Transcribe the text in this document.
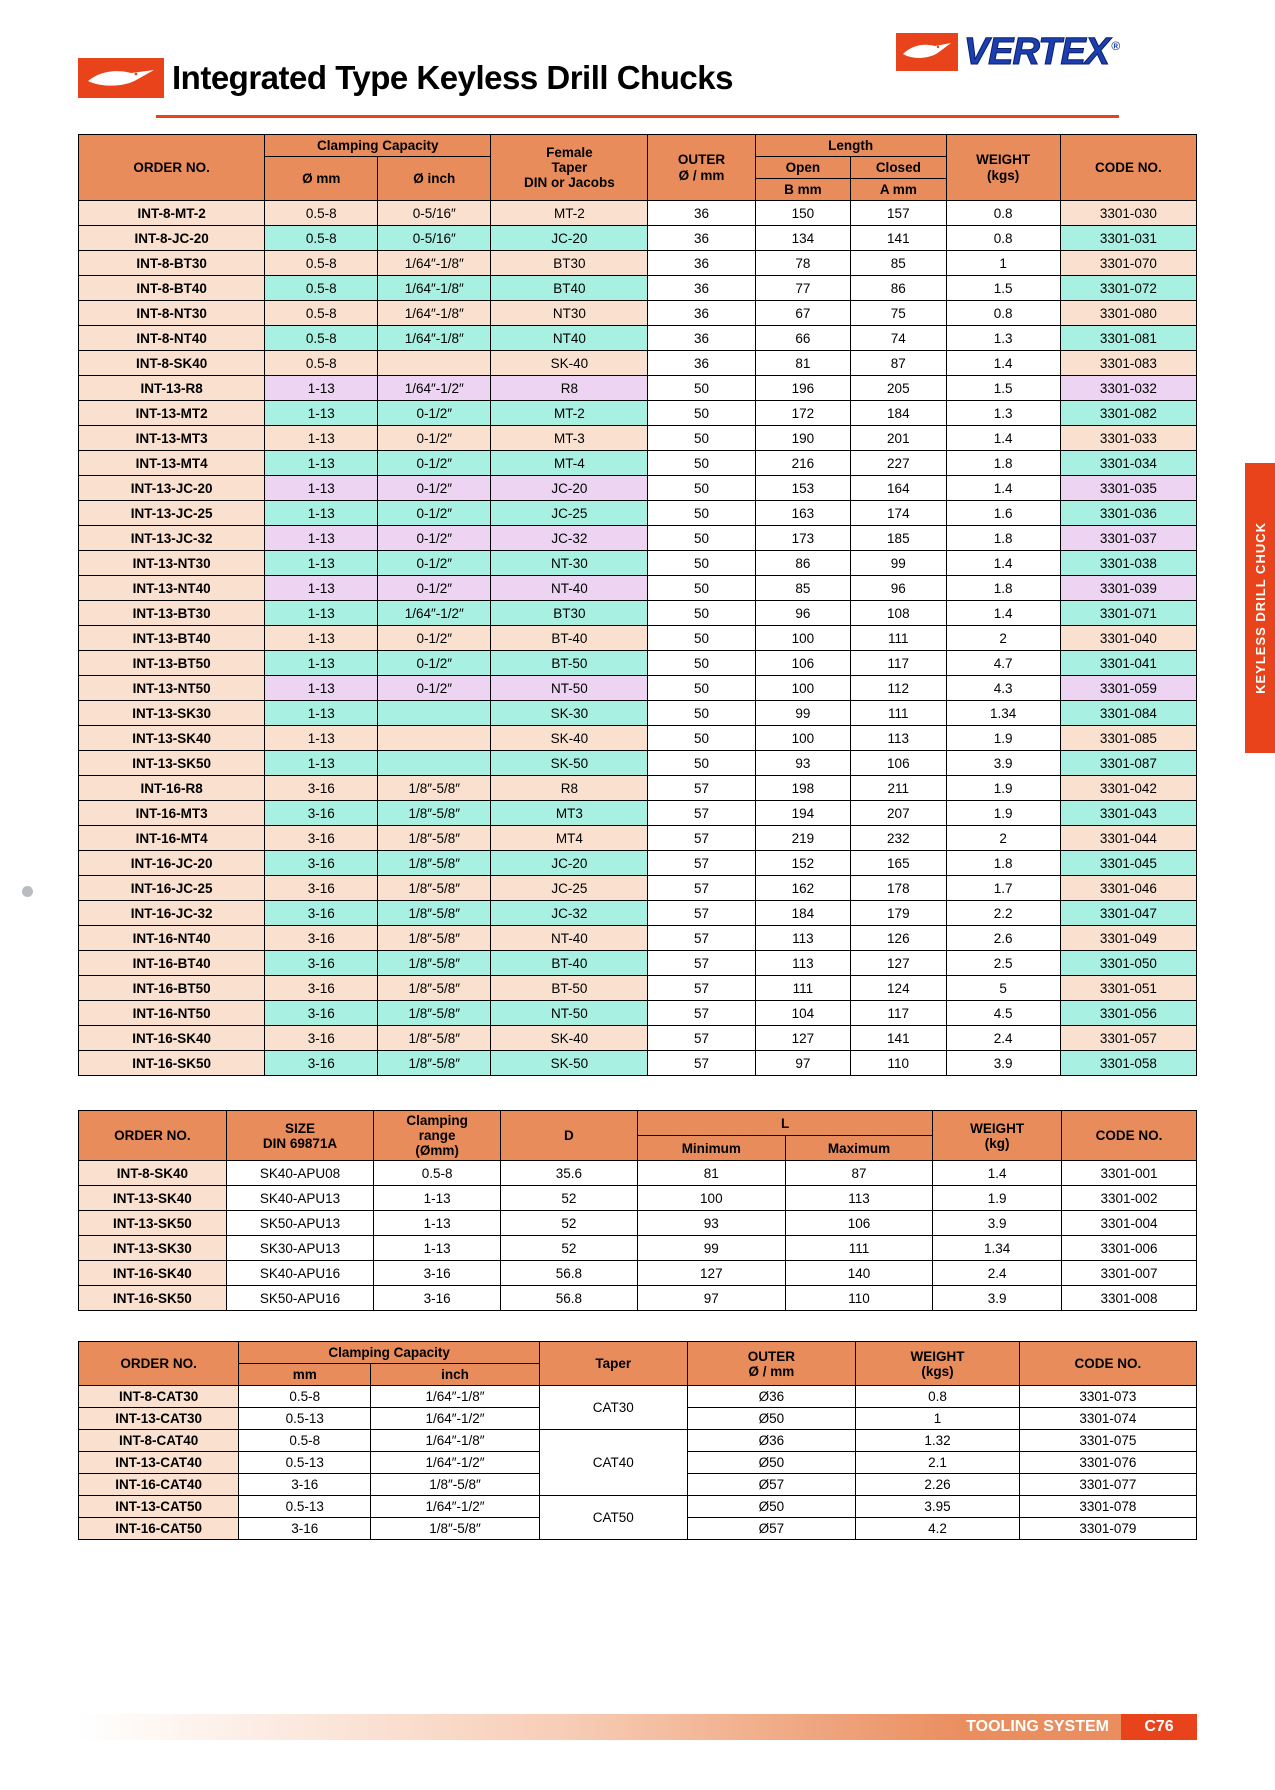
Integrated Type Keyless Drill Chucks
VERTEX ®
KEYLESS DRILL CHUCK
ORDER NO.	Clamping Capacity	Female
Taper
DIN or Jacobs

OUTER
Ø / mm
	Length	
WEIGHT
(kgs)
	CODE NO.
	Ø mm	Ø inch			Open	Closed		
					B mm	A mm		
INT-8-MT-2	0.5-8	0-5/16″	MT-2	36	150	157	0.8	3301-030
INT-8-JC-20	0.5-8	0-5/16″	JC-20	36	134	141	0.8	3301-031
INT-8-BT30	0.5-8	1/64″-1/8″	BT30	36	78	85	1	3301-070
INT-8-BT40	0.5-8	1/64″-1/8″	BT40	36	77	86	1.5	3301-072
INT-8-NT30	0.5-8	1/64″-1/8″	NT30	36	67	75	0.8	3301-080
INT-8-NT40	0.5-8	1/64″-1/8″	NT40	36	66	74	1.3	3301-081
INT-8-SK40	0.5-8		SK-40	36	81	87	1.4	3301-083
INT-13-R8	1-13	1/64″-1/2″	R8	50	196	205	1.5	3301-032
INT-13-MT2	1-13	0-1/2″	MT-2	50	172	184	1.3	3301-082
INT-13-MT3	1-13	0-1/2″	MT-3	50	190	201	1.4	3301-033
INT-13-MT4	1-13	0-1/2″	MT-4	50	216	227	1.8	3301-034
INT-13-JC-20	1-13	0-1/2″	JC-20	50	153	164	1.4	3301-035
INT-13-JC-25	1-13	0-1/2″	JC-25	50	163	174	1.6	3301-036
INT-13-JC-32	1-13	0-1/2″	JC-32	50	173	185	1.8	3301-037
INT-13-NT30	1-13	0-1/2″	NT-30	50	86	99	1.4	3301-038
INT-13-NT40	1-13	0-1/2″	NT-40	50	85	96	1.8	3301-039
INT-13-BT30	1-13	1/64″-1/2″	BT30	50	96	108	1.4	3301-071
INT-13-BT40	1-13	0-1/2″	BT-40	50	100	111	2	3301-040
INT-13-BT50	1-13	0-1/2″	BT-50	50	106	117	4.7	3301-041
INT-13-NT50	1-13	0-1/2″	NT-50	50	100	112	4.3	3301-059
INT-13-SK30	1-13		SK-30	50	99	111	1.34	3301-084
INT-13-SK40	1-13		SK-40	50	100	113	1.9	3301-085
INT-13-SK50	1-13		SK-50	50	93	106	3.9	3301-087
INT-16-R8	3-16	1/8″-5/8″	R8	57	198	211	1.9	3301-042
INT-16-MT3	3-16	1/8″-5/8″	MT3	57	194	207	1.9	3301-043
INT-16-MT4	3-16	1/8″-5/8″	MT4	57	219	232	2	3301-044
INT-16-JC-20	3-16	1/8″-5/8″	JC-20	57	152	165	1.8	3301-045
INT-16-JC-25	3-16	1/8″-5/8″	JC-25	57	162	178	1.7	3301-046
INT-16-JC-32	3-16	1/8″-5/8″	JC-32	57	184	179	2.2	3301-047
INT-16-NT40	3-16	1/8″-5/8″	NT-40	57	113	126	2.6	3301-049
INT-16-BT40	3-16	1/8″-5/8″	BT-40	57	113	127	2.5	3301-050
INT-16-BT50	3-16	1/8″-5/8″	BT-50	57	111	124	5	3301-051
INT-16-NT50	3-16	1/8″-5/8″	NT-50	57	104	117	4.5	3301-056
INT-16-SK40	3-16	1/8″-5/8″	SK-40	57	127	141	2.4	3301-057
INT-16-SK50	3-16	1/8″-5/8″	SK-50	57	97	110	3.9	3301-058
ORDER NO.	
SIZE
DIN 69871A

Clamping
range
(Ømm)
	D	L	WEIGHT
(kg)
	CODE NO.
				Minimum	Maximum		
INT-8-SK40	SK40-APU08	0.5-8	35.6	81	87	1.4	3301-001
INT-13-SK40	SK40-APU13	1-13	52	100	113	1.9	3301-002
INT-13-SK50	SK50-APU13	1-13	52	93	106	3.9	3301-004
INT-13-SK30	SK30-APU13	1-13	52	99	111	1.34	3301-006
INT-16-SK40	SK40-APU16	3-16	56.8	127	140	2.4	3301-007
INT-16-SK50	SK50-APU16	3-16	56.8	97	110	3.9	3301-008
ORDER NO.	Clamping Capacity	Taper	
OUTER
Ø / mm

WEIGHT
(kgs)
	CODE NO.
	mm	inch				
INT-8-CAT30	0.5-8	1/64″-1/8″	CAT30	Ø36	0.8	3301-073
INT-13-CAT30	0.5-13	1/64″-1/2″		Ø50	1	3301-074
INT-8-CAT40	0.5-8	1/64″-1/8″	CAT40	Ø36	1.32	3301-075
INT-13-CAT40	0.5-13	1/64″-1/2″		Ø50	2.1	3301-076
INT-16-CAT40	3-16	1/8″-5/8″		Ø57	2.26	3301-077
INT-13-CAT50	0.5-13	1/64″-1/2″	CAT50	Ø50	3.95	3301-078
INT-16-CAT50	3-16	1/8″-5/8″		Ø57	4.2	3301-079
TOOLING SYSTEM	C76
